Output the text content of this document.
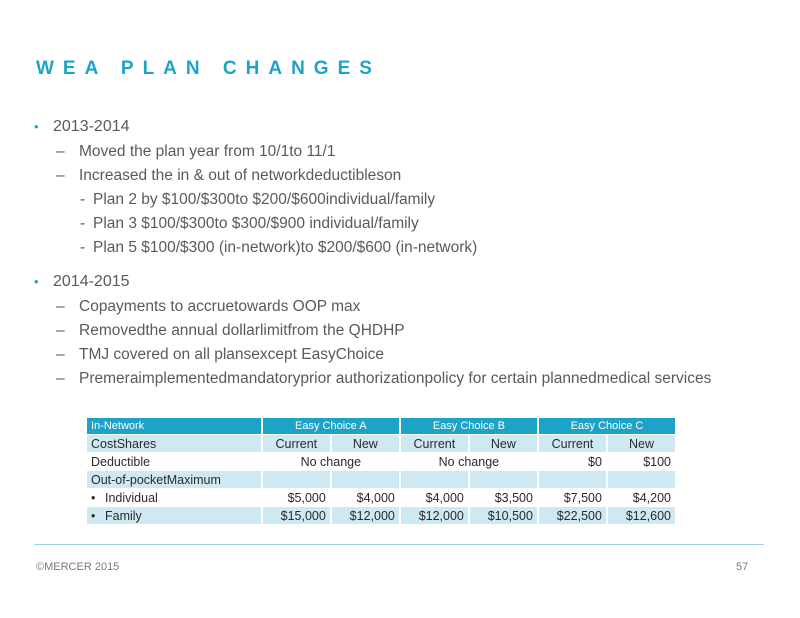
WEA PLAN CHANGES
• 2013-2014
– Moved the plan year from 10/1to 11/1
– Increased the in & out of networkdeductibleson
- Plan 2 by $100/$300to $200/$600individual/family
- Plan 3 $100/$300to $300/$900 individual/family
- Plan 5 $100/$300 (in-network)to $200/$600 (in-network)
• 2014-2015
– Copayments to accruetowards OOP max
– Removedthe annual dollarlimitfrom the QHDHP
– TMJ covered on all plansexcept EasyChoice
– Premeraimplementedmandatoryprior authorizationpolicy for certain plannedmedical services
In-Network	Easy Choice A		Easy Choice B		Easy Choice C	
CostShares	Current	New	Current	New	Current	New
Deductible	No change		No change		$0	$100
Out-of-pocketMaximum						
• Individual	$5,000	$4,000	$4,000	$3,500	$7,500	$4,200
• Family	$15,000	$12,000	$12,000	$10,500	$22,500	$12,600
©MERCER 2015	57
